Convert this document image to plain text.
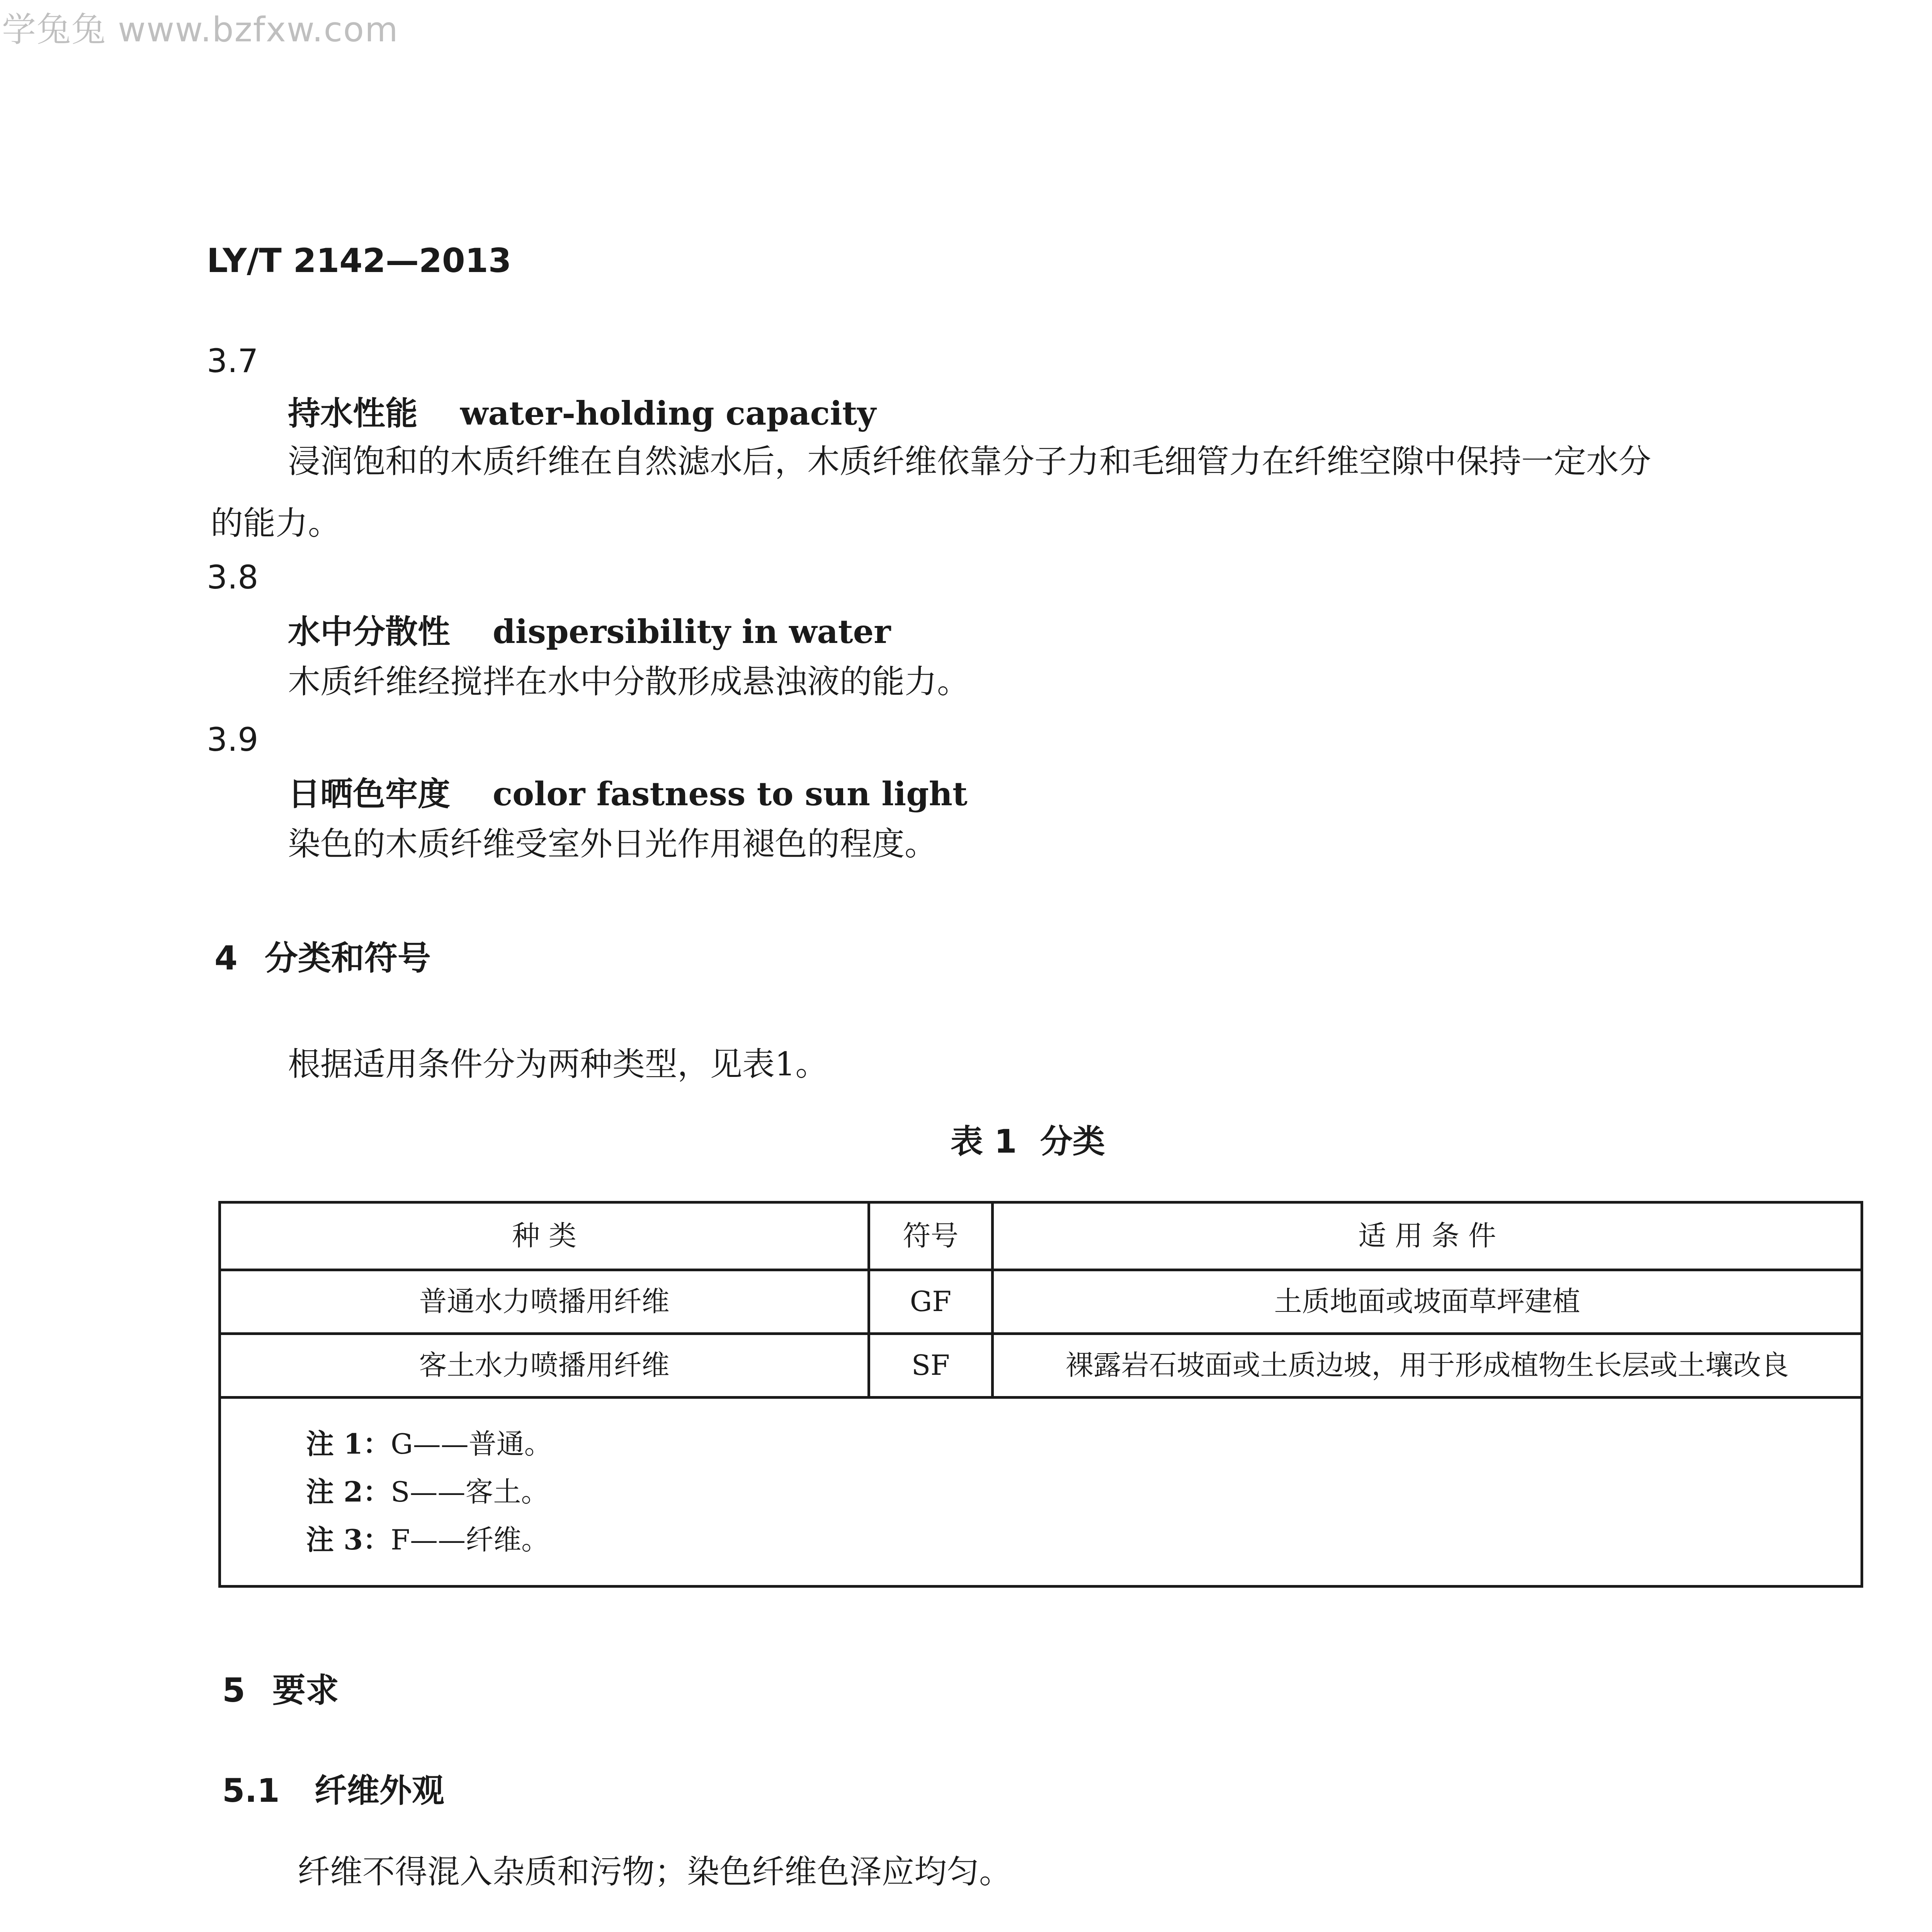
学兔兔 www.bzfxw.com
LY/T 2142—2013
3.7
持水性能 water-holding capacity
浸润饱和的木质纤维在自然滤水后，木质纤维依靠分子力和毛细管力在纤维空隙中保持一定水分
的能力。
3.8
水中分散性 dispersibility in water
木质纤维经搅拌在水中分散形成悬浊液的能力。
3.9
日晒色牢度 color fastness to sun light
染色的木质纤维受室外日光作用褪色的程度。
4 分类和符号
根据适用条件分为两种类型，见表1。
表 1 分类
种 类	符号	适 用 条 件
普通水力喷播用纤维	GF	土质地面或坡面草坪建植
客土水力喷播用纤维	SF	裸露岩石坡面或土质边坡，用于形成植物生长层或土壤改良

注 1：G——普通。
注 2：S——客土。
注 3：F——纤维。		
5 要求
5.1 纤维外观
纤维不得混入杂质和污物；染色纤维色泽应均匀。
